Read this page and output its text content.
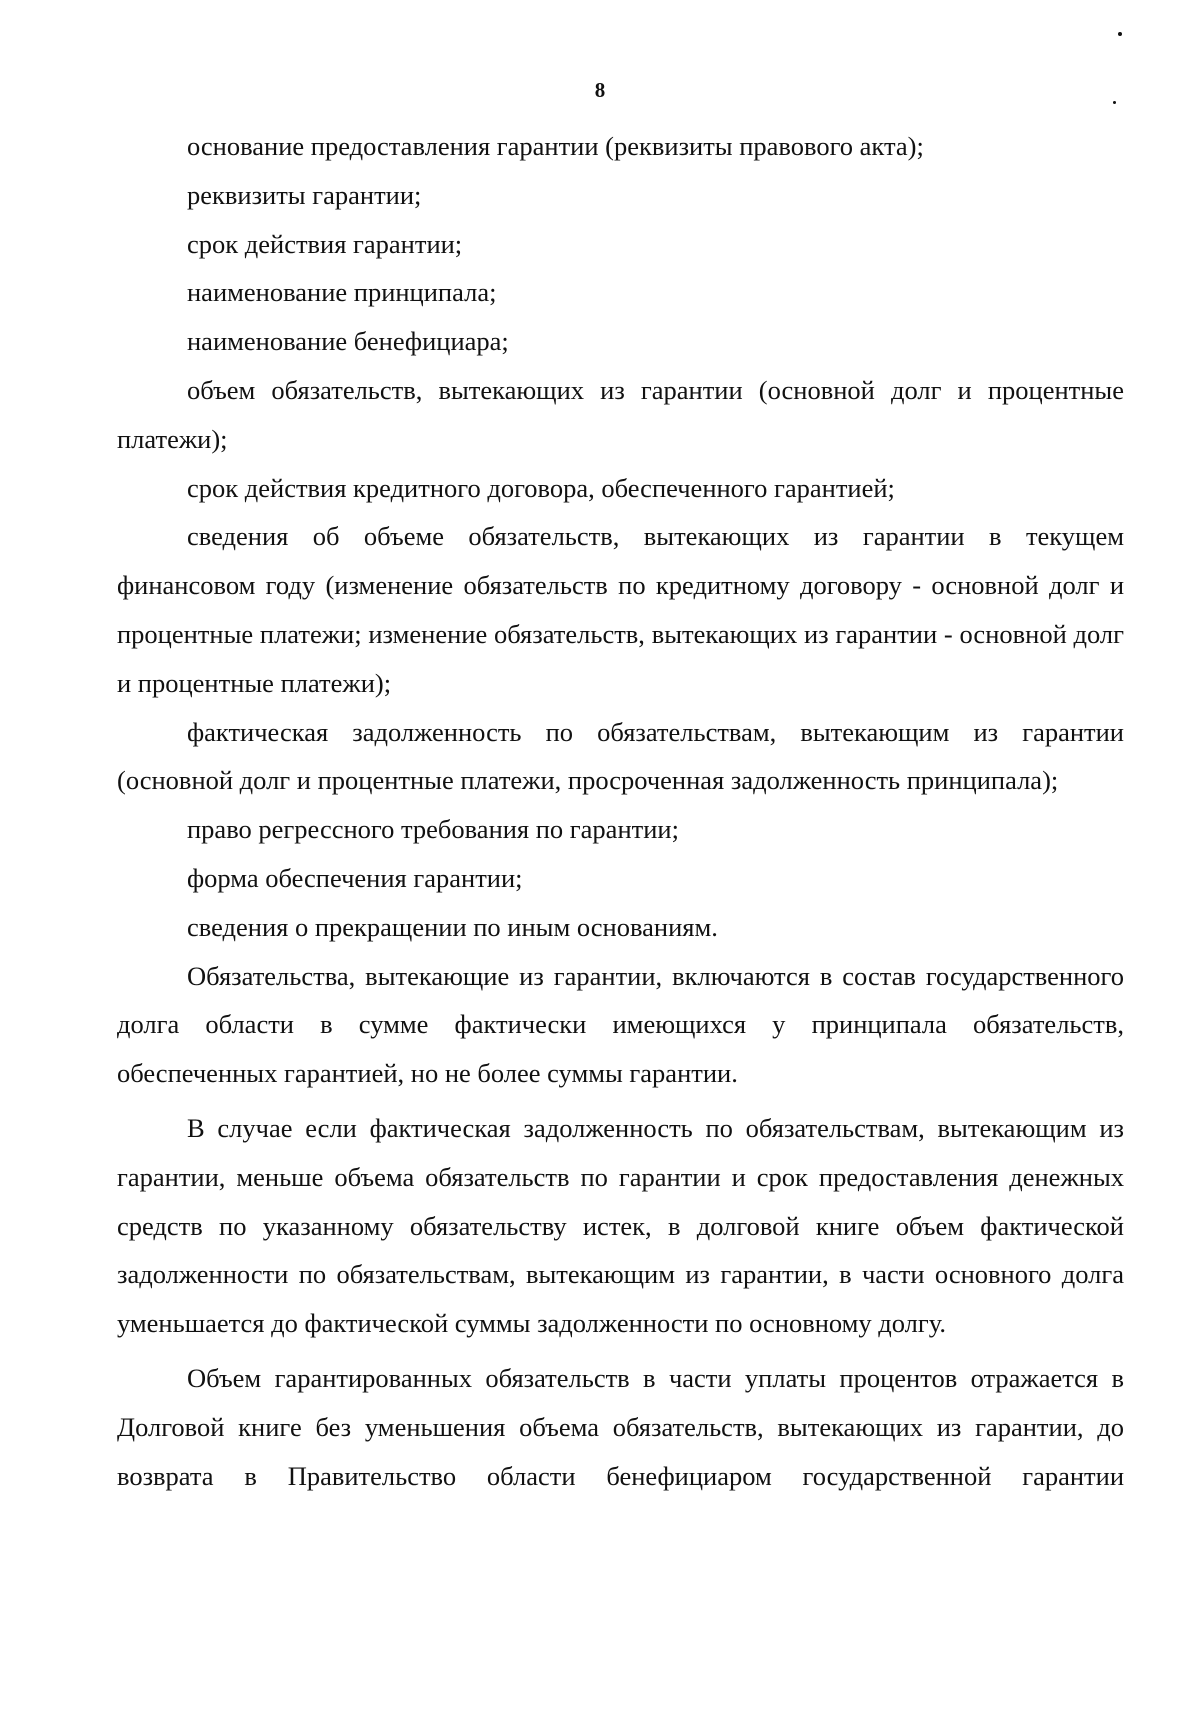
8

основание предоставления гарантии (реквизиты правового акта);

реквизиты гарантии;

срок действия гарантии;

наименование принципала;

наименование бенефициара;

объем обязательств, вытекающих из гарантии (основной долг и процентные платежи);

срок действия кредитного договора, обеспеченного гарантией;

сведения об объеме обязательств, вытекающих из гарантии в текущем финансовом году (изменение обязательств по кредитному договору - основной долг и процентные платежи; изменение обязательств, вытекающих из гарантии - основной долг и процентные платежи);

фактическая задолженность по обязательствам, вытекающим из гарантии (основной долг и процентные платежи, просроченная задолженность принципала);

право регрессного требования по гарантии;

форма обеспечения гарантии;

сведения о прекращении по иным основаниям.

Обязательства, вытекающие из гарантии, включаются в состав государственного долга области в сумме фактически имеющихся у принципала обязательств, обеспеченных гарантией, но не более суммы гарантии.

В случае если фактическая задолженность по обязательствам, вытекающим из гарантии, меньше объема обязательств по гарантии и срок предоставления денежных средств по указанному обязательству истек, в долговой книге объем фактической задолженности по обязательствам, вытекающим из гарантии, в части основного долга уменьшается до фактической суммы задолженности по основному долгу.

Объем гарантированных обязательств в части уплаты процентов отражается в Долговой книге без уменьшения объема обязательств, вытекающих из гарантии, до возврата в Правительство области бенефициаром государственной гарантии
